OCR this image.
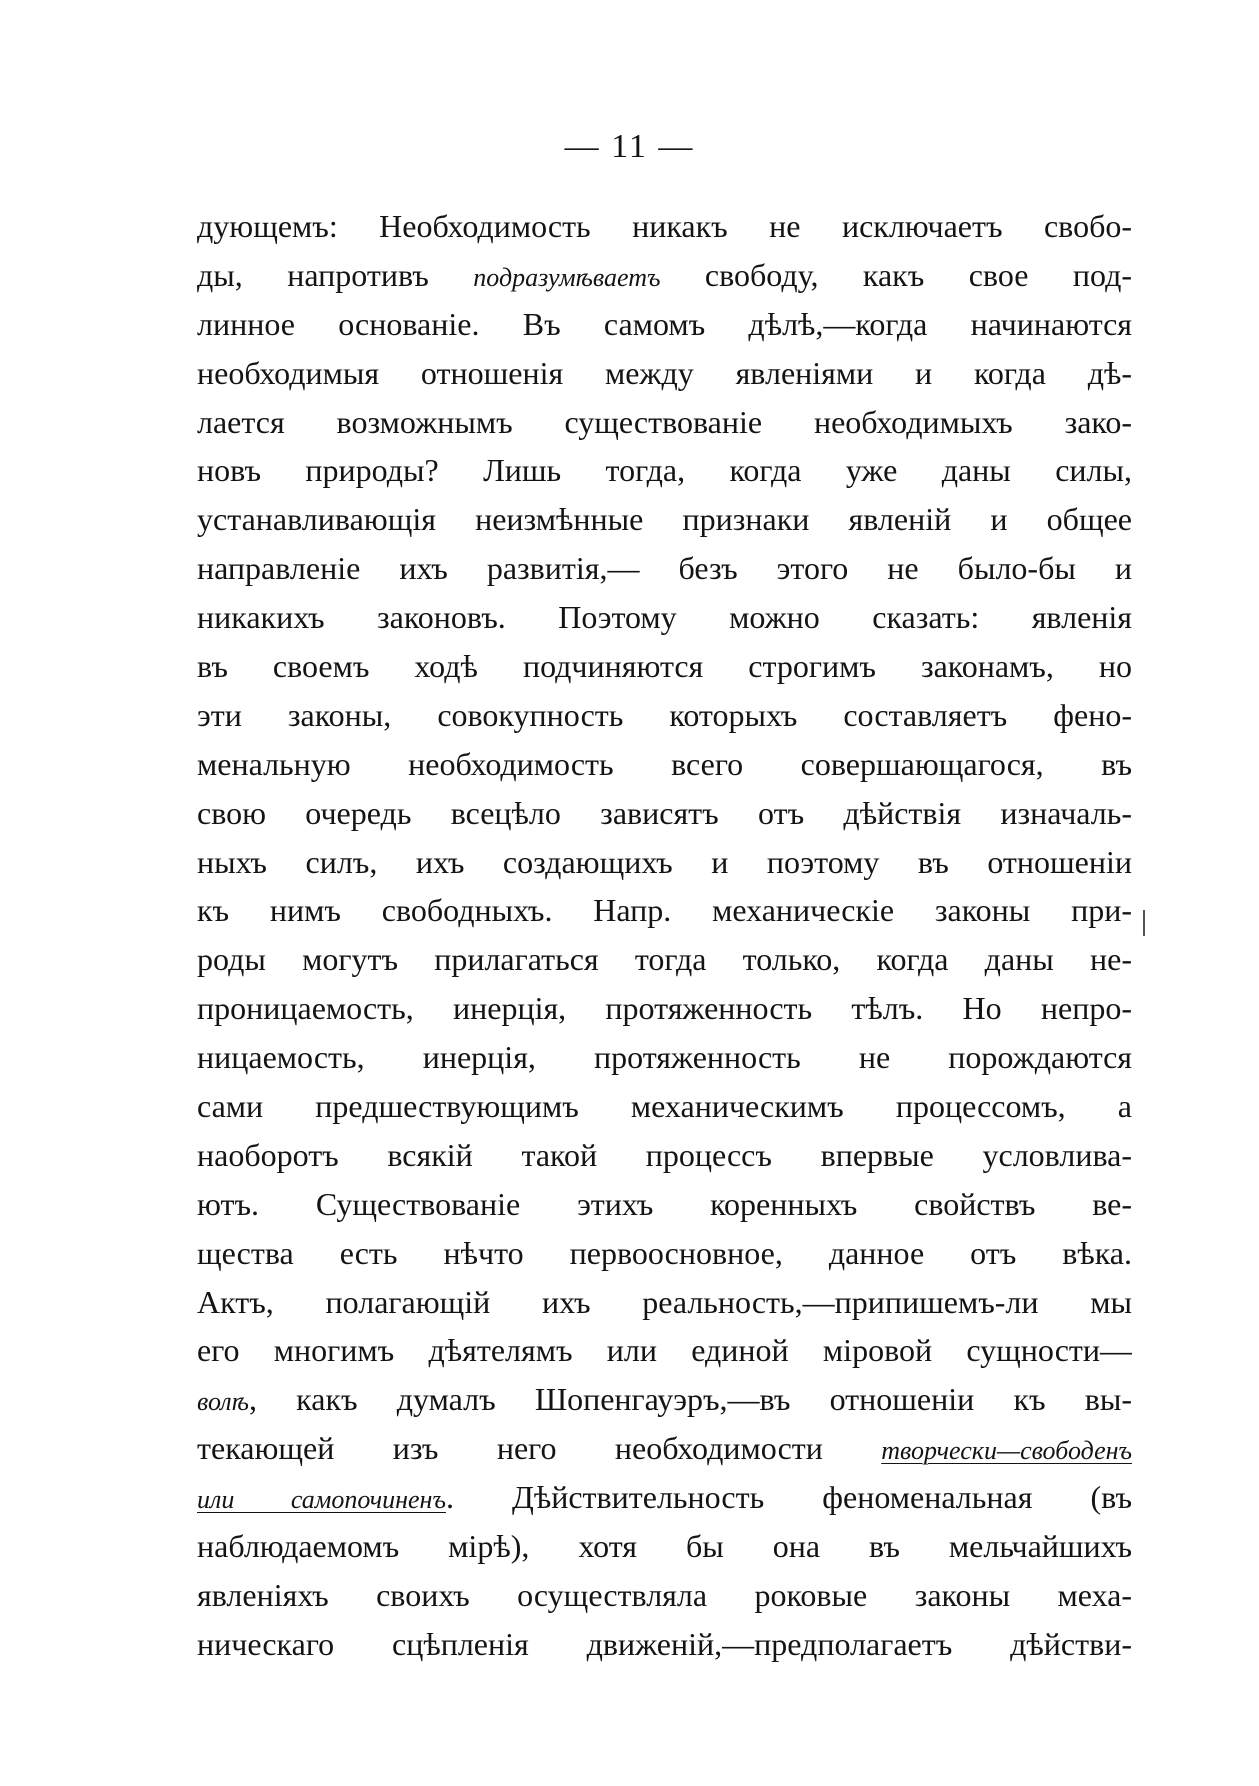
— 11 —
дующемъ: Необходимость никакъ не исключаетъ свобо-
ды, напротивъ подразумѣваетъ свободу, какъ свое под-
линное основаніе. Въ самомъ дѣлѣ,—когда начинаются
необходимыя отношенія между явленіями и когда дѣ-
лается возможнымъ существованіе необходимыхъ зако-
новъ природы? Лишь тогда, когда уже даны силы,
устанавливающія неизмѣнные признаки явленій и общее
направленіе ихъ развитія,— безъ этого не было-бы и
никакихъ законовъ. Поэтому можно сказать: явленія
въ своемъ ходѣ подчиняются строгимъ законамъ, но
эти законы, совокупность которыхъ составляетъ фено-
менальную необходимость всего совершающагося, въ
свою очередь всецѣло зависятъ отъ дѣйствія изначаль-
ныхъ силъ, ихъ создающихъ и поэтому въ отношеніи
къ нимъ свободныхъ. Напр. механическіе законы при-
роды могутъ прилагаться тогда только, когда даны не-
проницаемость, инерція, протяженность тѣлъ. Но непро-
ницаемость, инерція, протяженность не порождаются
сами предшествующимъ механическимъ процессомъ, а
наоборотъ всякій такой процессъ впервые условлива-
ютъ. Существованіе этихъ коренныхъ свойствъ ве-
щества есть нѣчто первоосновное, данное отъ вѣка.
Актъ, полагающій ихъ реальность,—припишемъ-ли мы
его многимъ дѣятелямъ или единой міровой сущности—
волѣ, какъ думалъ Шопенгауэръ,—въ отношеніи къ вы-
текающей изъ него необходимости творчески—свободенъ
или самопочиненъ. Дѣйствительность феноменальная (въ
наблюдаемомъ мірѣ), хотя бы она въ мельчайшихъ
явленіяхъ своихъ осуществляла роковые законы меха-
ническаго сцѣпленія движеній,—предполагаетъ дѣйстви-
